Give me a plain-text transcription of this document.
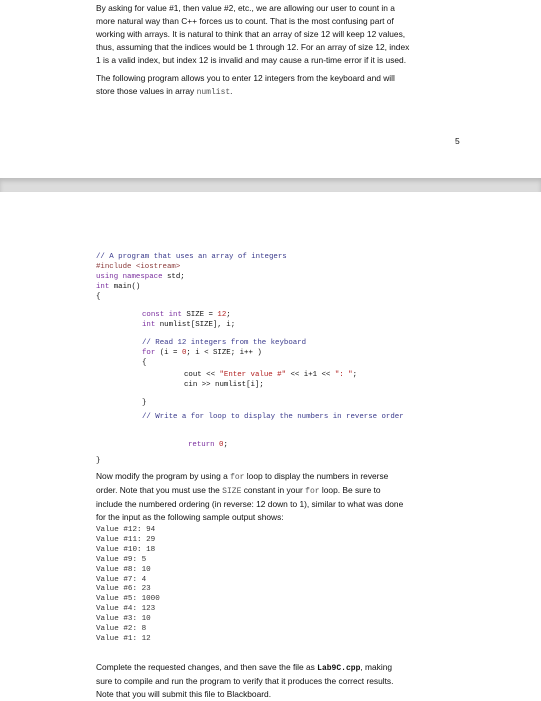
By asking for value #1, then value #2, etc., we are allowing our user to count in a
more natural way than C++ forces us to count. That is the most confusing part of
working with arrays. It is natural to think that an array of size 12 will keep 12 values,
thus, assuming that the indices would be 1 through 12. For an array of size 12, index
1 is a valid index, but index 12 is invalid and may cause a run-time error if it is used.
The following program allows you to enter 12 integers from the keyboard and will
store those values in array numlist.
5
// A program that uses an array of integers
#include <iostream>
using namespace std;
int main()
{
const int SIZE = 12;
int numlist[SIZE], i;
// Read 12 integers from the keyboard
for (i = 0; i < SIZE; i++ )
{
cout << "Enter value #" << i+1 << ": ";
cin >> numlist[i];
}
// Write a for loop to display the numbers in reverse order
return 0;
}
Now modify the program by using a for loop to display the numbers in reverse
order. Note that you must use the SIZE constant in your for loop. Be sure to
include the numbered ordering (in reverse: 12 down to 1), similar to what was done
for the input as the following sample output shows:
Value #12: 94
Value #11: 29
Value #10: 18
Value #9: 5
Value #8: 10
Value #7: 4
Value #6: 23
Value #5: 1000
Value #4: 123
Value #3: 10
Value #2: 8
Value #1: 12
Complete the requested changes, and then save the file as Lab9C.cpp, making
sure to compile and run the program to verify that it produces the correct results.
Note that you will submit this file to Blackboard.
